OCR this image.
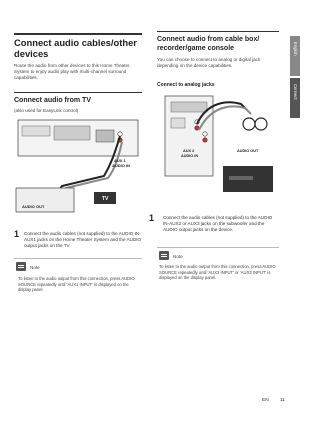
Connect audio cables/other devices
Route the audio from other devices to this Home Theater System to enjoy audio play with multi-channel surround capabilities.
Connect audio from TV
(also used for EasyLink control)
AUX 1
AUDIO IN
AUDIO OUT
TV
1 Connect the audio cables (not supplied) to the AUDIO IN-AUX1 jacks on the Home Theater System and the AUDIO output jacks on the TV.
Note
To listen to the audio output from this connection, press AUDIO SOURCE repeatedly until 'AUX1 INPUT' is displayed on the display panel.
Connect audio from cable box/ recorder/game console
You can choose to connect to analog or digital jack depending on the device capabilities.
Connect to analog jacks
AUX 2
AUDIO IN
AUDIO OUT
1 Connect the audio cables (not supplied) to the AUDIO IN-AUX2 or AUX3 jacks on the subwoofer and the AUDIO output jacks on the device.
Note
To listen to the audio output from this connection, press AUDIO SOURCE repeatedly until 'AUX2 INPUT' or 'AUX3 INPUT' is displayed on the display panel.
English
Connect
EN 11
